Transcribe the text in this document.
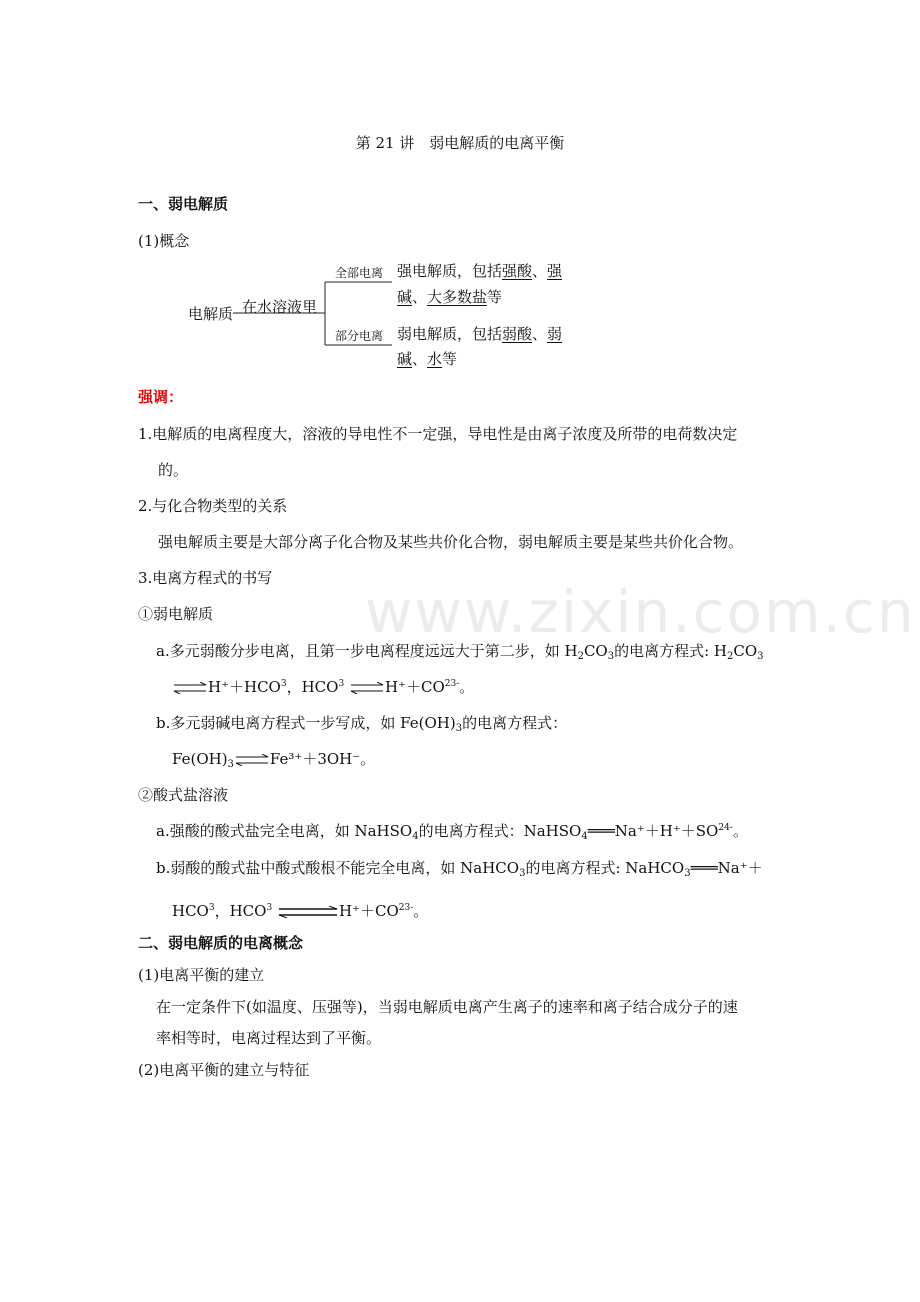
www.zixin.com.cn
第 21 讲　弱电解质的电离平衡
一、弱电解质
(1)概念
电解质 在水溶液里
全部电离
部分电离
强电解质，包括强酸、强
碱、大多数盐等
弱电解质，包括弱酸、弱
碱、水等
强调：
1.电解质的电离程度大，溶液的导电性不一定强，导电性是由离子浓度及所带的电荷数决定
的。
2.与化合物类型的关系
强电解质主要是大部分离子化合物及某些共价化合物，弱电解质主要是某些共价化合物。
3.电离方程式的书写
①弱电解质
a.多元弱酸分步电离，且第一步电离程度远远大于第二步，如 $H_2CO_3$的电离方程式: $H_2CO_3$
$\rightleftharpoons H^++HCO^3$，HCO$^3$ $\rightleftharpoons H^++CO^{23-}$。
b.多元弱碱电离方程式一步写成，如 $Fe(OH)_3$的电离方程式：
$Fe(OH)_3\rightleftharpoons Fe^{3+}+3OH^-$。
②酸式盐溶液
a.强酸的酸式盐完全电离，如 NaHSO$_4$的电离方程式：$NaHSO_4═══Na^++H^++SO^{24-}$。
b.弱酸的酸式盐中酸式酸根不能完全电离，如 NaHCO$_3$的电离方程式: NaHCO$_3$═══Na⁺＋
$HCO^3$，HCO$^3$	$H^++CO^{23-}$。
二、弱电解质的电离概念
(1)电离平衡的建立
在一定条件下(如温度、压强等)，当弱电解质电离产生离子的速率和离子结合成分子的速
率相等时，电离过程达到了平衡。
(2)电离平衡的建立与特征
